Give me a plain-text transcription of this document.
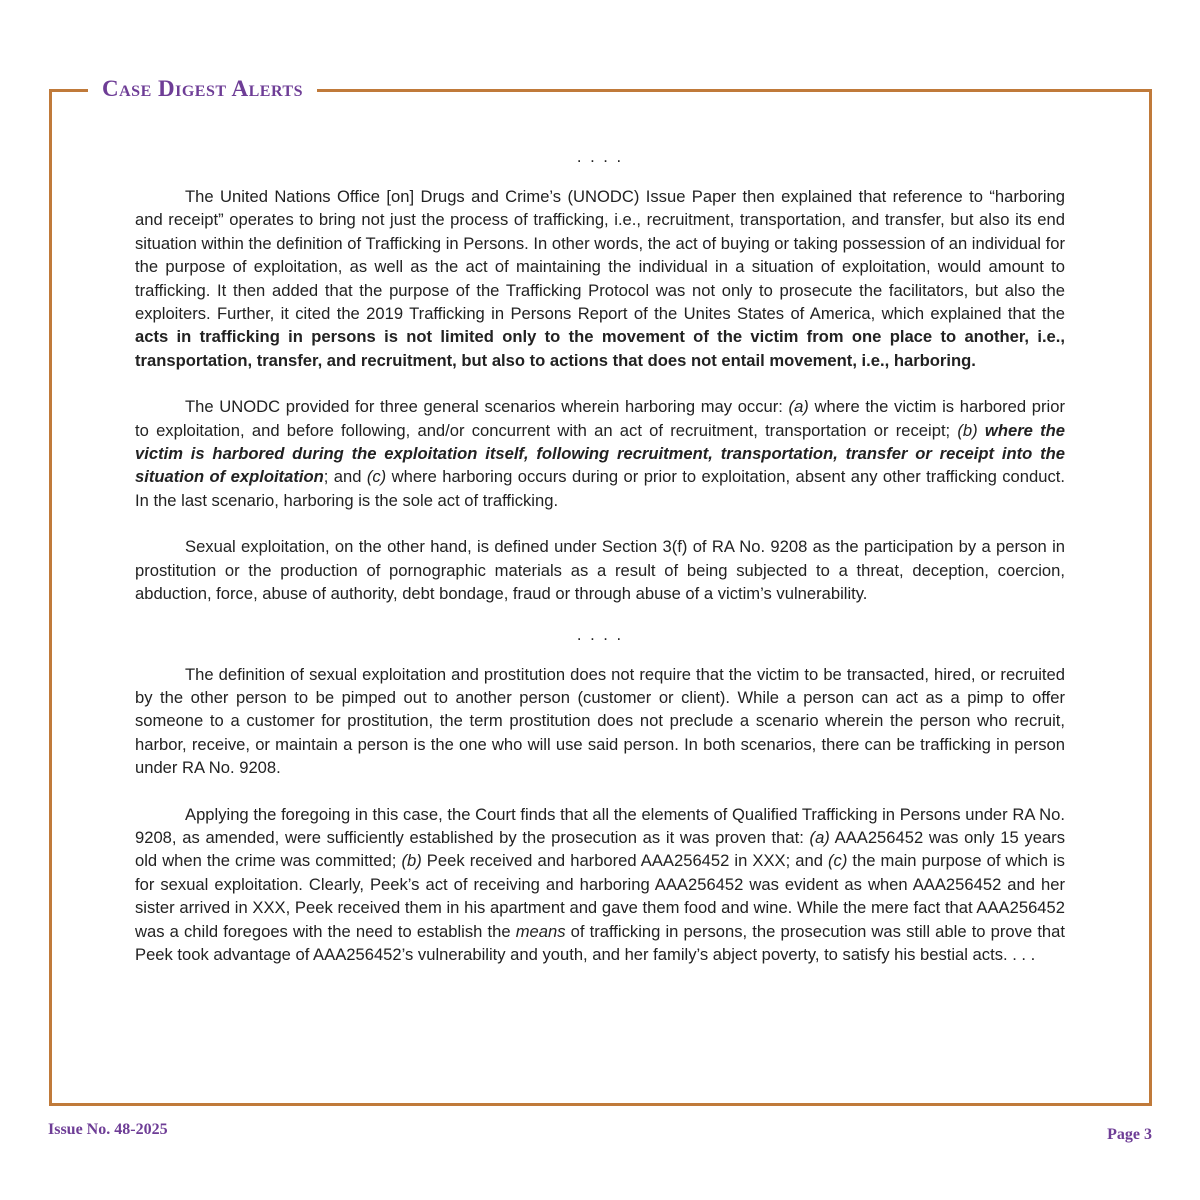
Case Digest Alerts
. . . .

The United Nations Office [on] Drugs and Crime’s (UNODC) Issue Paper then explained that reference to “harboring and receipt” operates to bring not just the process of trafficking, i.e., recruitment, transportation, and transfer, but also its end situation within the definition of Trafficking in Persons. In other words, the act of buying or taking possession of an individual for the purpose of exploitation, as well as the act of maintaining the individual in a situation of exploitation, would amount to trafficking. It then added that the purpose of the Trafficking Protocol was not only to prosecute the facilitators, but also the exploiters. Further, it cited the 2019 Trafficking in Persons Report of the Unites States of America, which explained that the acts in trafficking in persons is not limited only to the movement of the victim from one place to another, i.e., transportation, transfer, and recruitment, but also to actions that does not entail movement, i.e., harboring.

The UNODC provided for three general scenarios wherein harboring may occur: (a) where the victim is harbored prior to exploitation, and before following, and/or concurrent with an act of recruitment, transportation or receipt; (b) where the victim is harbored during the exploitation itself, following recruitment, transportation, transfer or receipt into the situation of exploitation; and (c) where harboring occurs during or prior to exploitation, absent any other trafficking conduct. In the last scenario, harboring is the sole act of trafficking.

Sexual exploitation, on the other hand, is defined under Section 3(f) of RA No. 9208 as the participation by a person in prostitution or the production of pornographic materials as a result of being subjected to a threat, deception, coercion, abduction, force, abuse of authority, debt bondage, fraud or through abuse of a victim’s vulnerability.

. . . .

The definition of sexual exploitation and prostitution does not require that the victim to be transacted, hired, or recruited by the other person to be pimped out to another person (customer or client). While a person can act as a pimp to offer someone to a customer for prostitution, the term prostitution does not preclude a scenario wherein the person who recruit, harbor, receive, or maintain a person is the one who will use said person. In both scenarios, there can be trafficking in person under RA No. 9208.

Applying the foregoing in this case, the Court finds that all the elements of Qualified Trafficking in Persons under RA No. 9208, as amended, were sufficiently established by the prosecution as it was proven that: (a) AAA256452 was only 15 years old when the crime was committed; (b) Peek received and harbored AAA256452 in XXX; and (c) the main purpose of which is for sexual exploitation. Clearly, Peek’s act of receiving and harboring AAA256452 was evident as when AAA256452 and her sister arrived in XXX, Peek received them in his apartment and gave them food and wine. While the mere fact that AAA256452 was a child foregoes with the need to establish the means of trafficking in persons, the prosecution was still able to prove that Peek took advantage of AAA256452’s vulnerability and youth, and her family’s abject poverty, to satisfy his bestial acts. . . .

Issue No. 48-2025	Page 3
